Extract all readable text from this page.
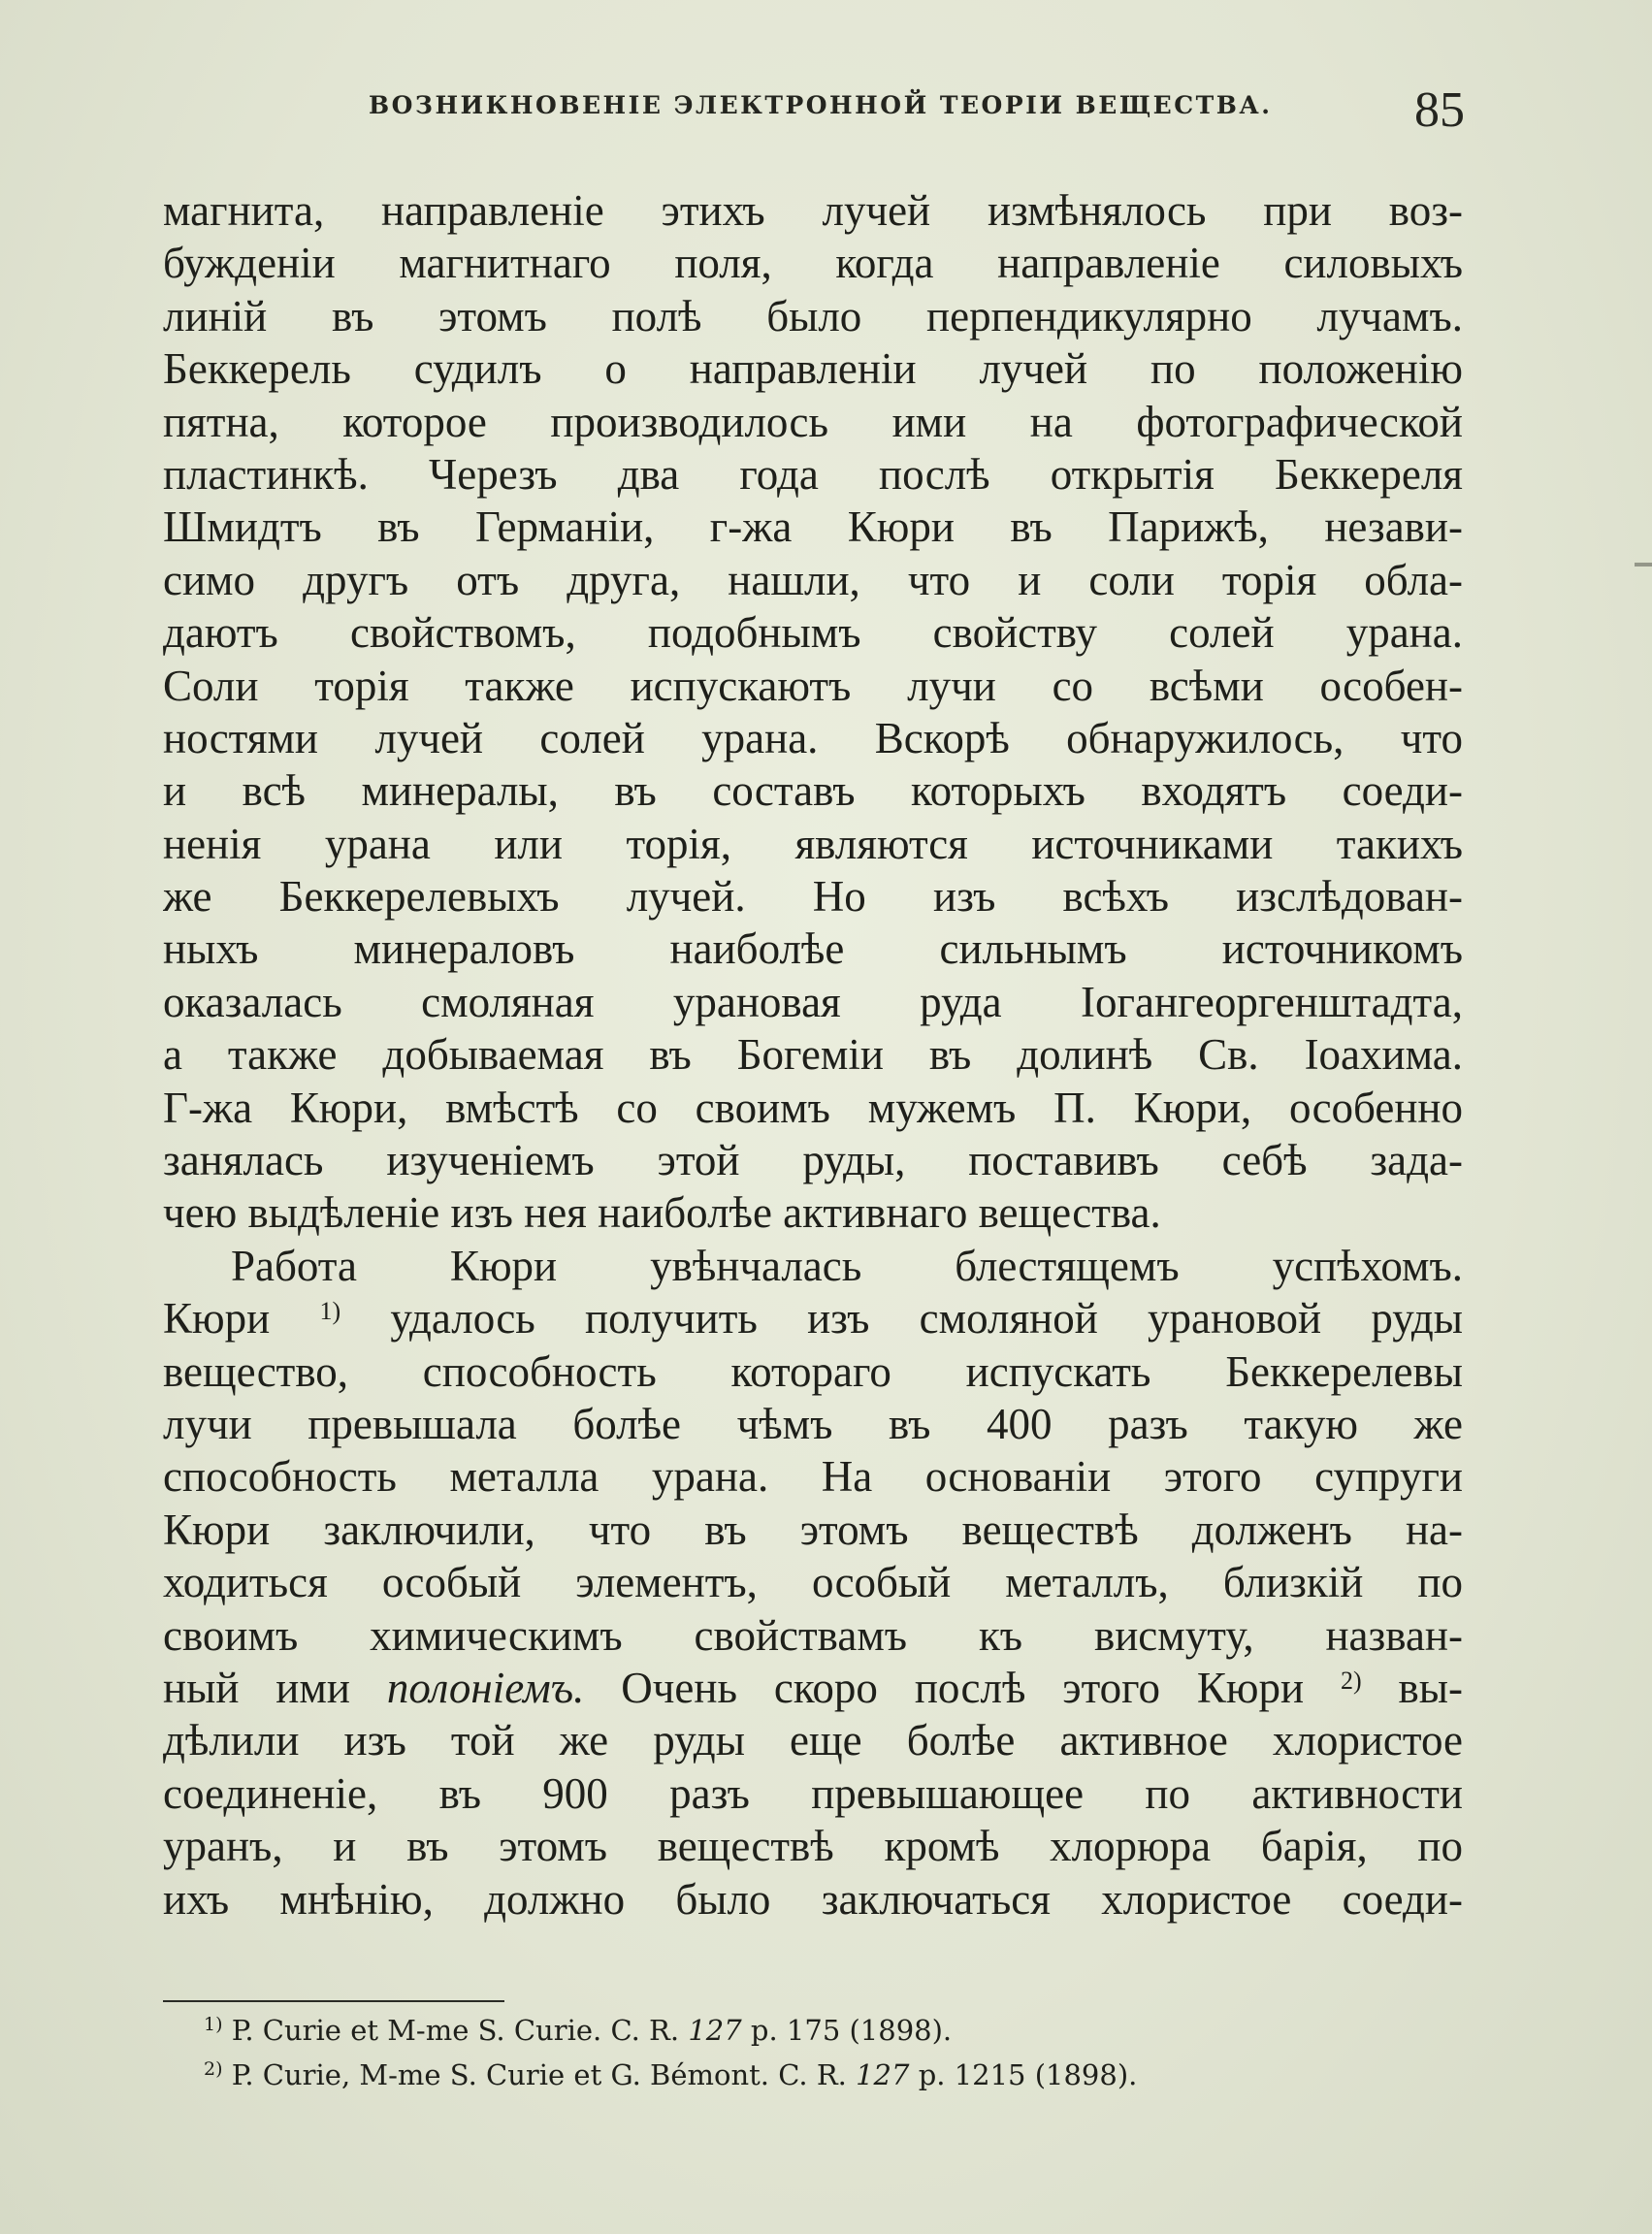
ВОЗНИКНОВЕНІЕ ЭЛЕКТРОННОЙ ТЕОРІИ ВЕЩЕСТВА.	85
магнита, направленіе этихъ лучей измѣнялось при воз-
бужденіи магнитнаго поля, когда направленіе силовыхъ
линій въ этомъ полѣ было перпендикулярно лучамъ.
Беккерель судилъ о направленіи лучей по положенію
пятна, которое производилось ими на фотографической
пластинкѣ. Черезъ два года послѣ открытія Беккереля
Шмидтъ въ Германіи, г-жа Кюри въ Парижѣ, незави-
симо другъ отъ друга, нашли, что и соли торія обла-
даютъ свойствомъ, подобнымъ свойству солей урана.
Соли торія также испускаютъ лучи со всѣми особен-
ностями лучей солей урана. Вскорѣ обнаружилось, что
и всѣ минералы, въ составъ которыхъ входятъ соеди-
ненія урана или торія, являются источниками такихъ
же Беккерелевыхъ лучей. Но изъ всѣхъ изслѣдован-
ныхъ минераловъ наиболѣе сильнымъ источникомъ
оказалась смоляная урановая руда Іогангеоргенштадта,
а также добываемая въ Богеміи въ долинѣ Св. Іоахима.
Г-жа Кюри, вмѣстѣ со своимъ мужемъ П. Кюри, особенно
занялась изученіемъ этой руды, поставивъ себѣ зада-
чею выдѣленіе изъ нея наиболѣе активнаго вещества.
Работа Кюри увѣнчалась блестящемъ успѣхомъ.
Кюри $^{1)}$ удалось получить изъ смоляной урановой руды
вещество, способность котораго испускать Беккерелевы
лучи превышала болѣе чѣмъ въ 400 разъ такую же
способность металла урана. На основаніи этого супруги
Кюри заключили, что въ этомъ веществѣ долженъ на-
ходиться особый элементъ, особый металлъ, близкій по
своимъ химическимъ свойствамъ къ висмуту, назван-
ный ими полоніемъ. Очень скоро послѣ этого Кюри $^{2)}$ вы-
дѣлили изъ той же руды еще болѣе активное хлористое
соединеніе, въ 900 разъ превышающее по активности
уранъ, и въ этомъ веществѣ кромѣ хлорюра барія, по
ихъ мнѣнію, должно было заключаться хлористое соеди-
$^{1)}$ P. Curie et M-me S. Curie. C. R. 127 p. 175 (1898).
$^{2)}$ P. Curie, M-me S. Curie et G. Bémont. C. R. 127 p. 1215 (1898).
